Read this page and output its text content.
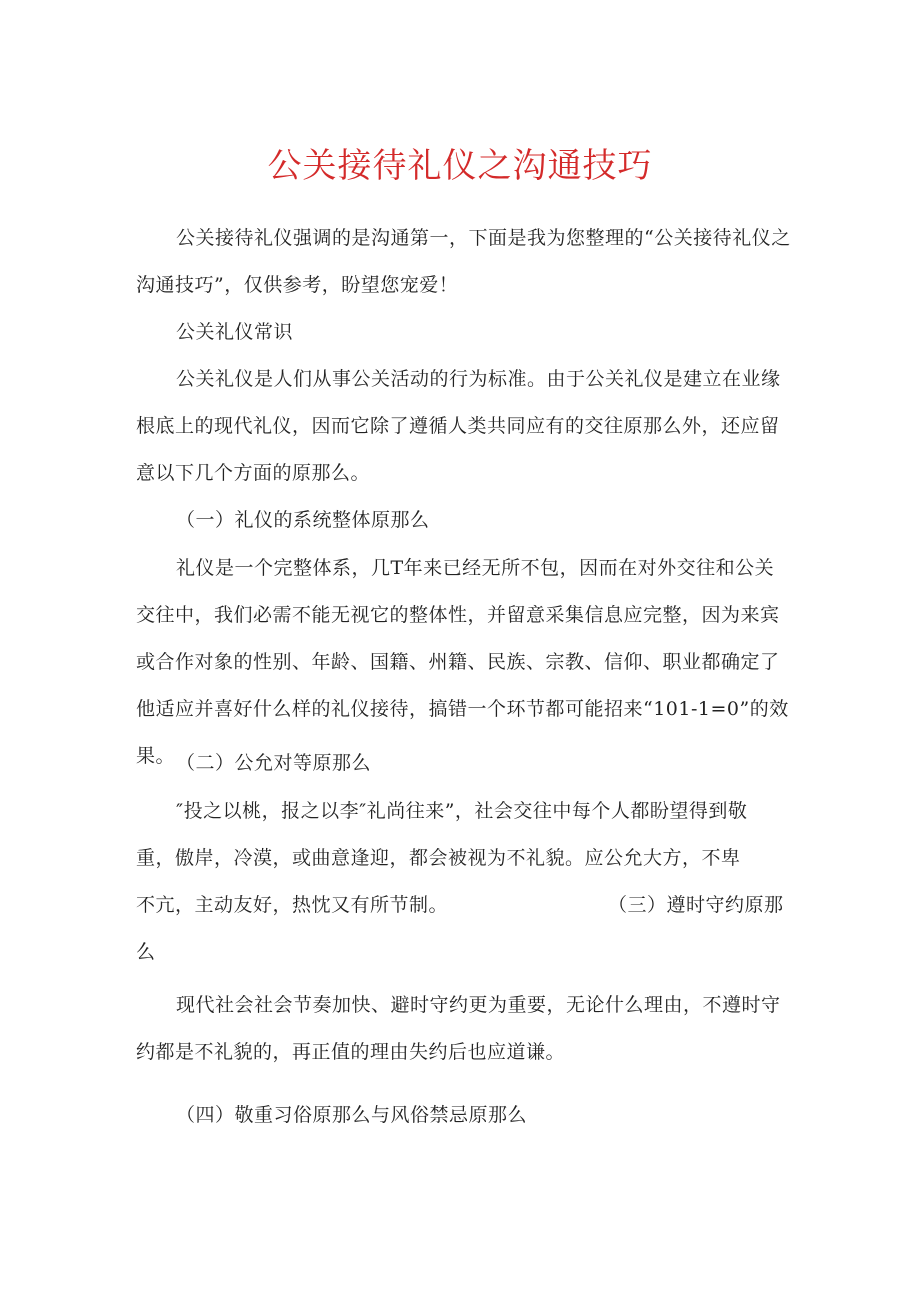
公关接待礼仪之沟通技巧

公关接待礼仪强调的是沟通第一，下面是我为您整理的“公关接待礼仪之沟通技巧”，仅供参考，盼望您宠爱！

公关礼仪常识

公关礼仪是人们从事公关活动的行为标准。由于公关礼仪是建立在业缘根底上的现代礼仪，因而它除了遵循人类共同应有的交往原那么外，还应留意以下几个方面的原那么。

（一）礼仪的系统整体原那么

礼仪是一个完整体系，几T年来已经无所不包，因而在对外交往和公关交往中，我们必需不能无视它的整体性，并留意采集信息应完整，因为来宾或合作对象的性别、年龄、国籍、州籍、民族、宗教、信仰、职业都确定了他适应并喜好什么样的礼仪接待，搞错一个环节都可能招来“101-1=0”的效果。 （二）公允对等原那么

″投之以桃，报之以李″礼尚往来”，社会交往中每个人都盼望得到敬重，傲岸，冷漠，或曲意逢迎，都会被视为不礼貌。应公允大方，不卑不亢，主动友好，热忱又有所节制。	（三）遵时守约原那

么

现代社会社会节奏加快、避时守约更为重要，无论什么理由，不遵时守约都是不礼貌的，再正值的理由失约后也应道谦。

（四）敬重习俗原那么与风俗禁忌原那么
